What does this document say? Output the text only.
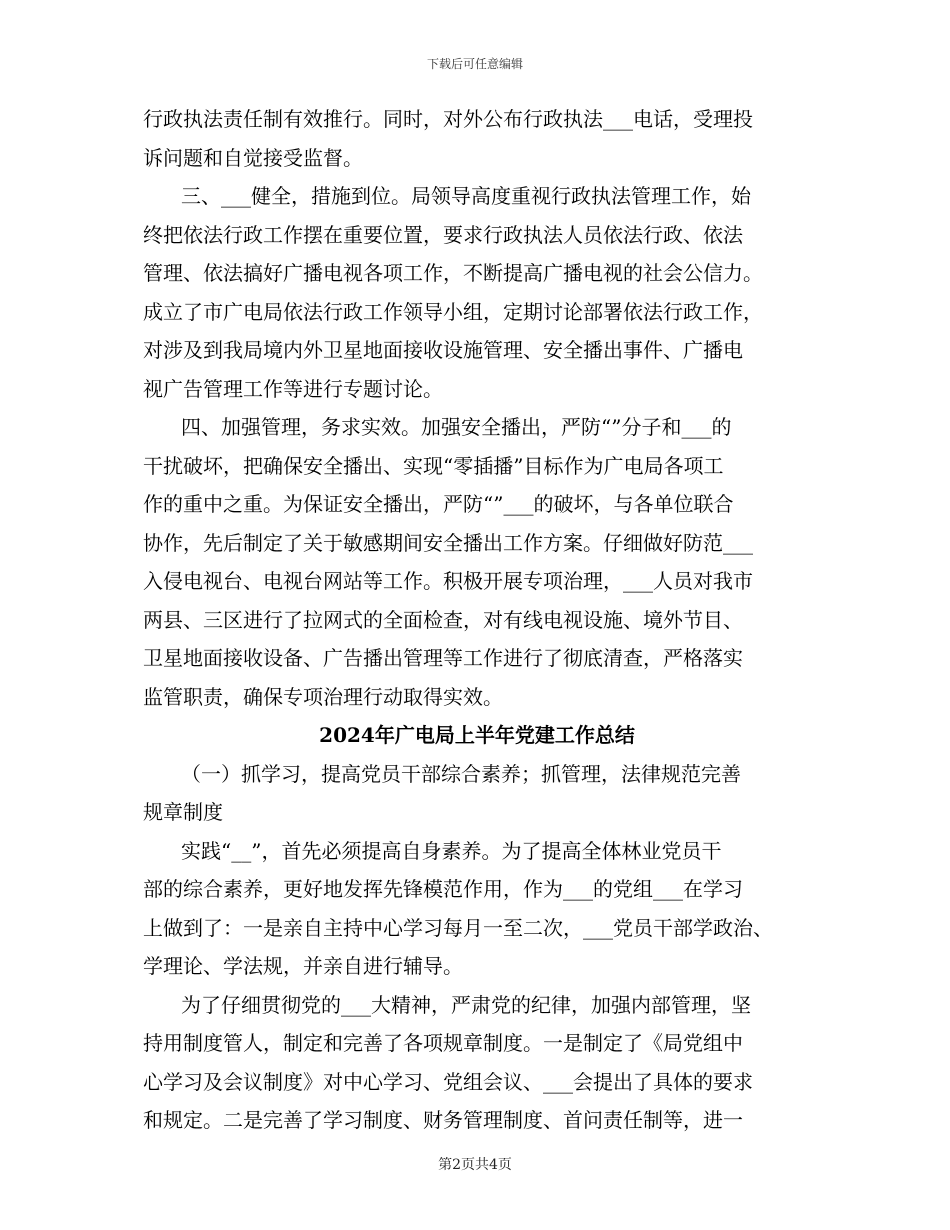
下载后可任意编辑

行政执法责任制有效推行。同时，对外公布行政执法___电话，受理投

诉问题和自觉接受监督。

三、___健全，措施到位。局领导高度重视行政执法管理工作，始

终把依法行政工作摆在重要位置，要求行政执法人员依法行政、依法

管理、依法搞好广播电视各项工作，不断提高广播电视的社会公信力。

成立了市广电局依法行政工作领导小组，定期讨论部署依法行政工作，

对涉及到我局境内外卫星地面接收设施管理、安全播出事件、广播电

视广告管理工作等进行专题讨论。

四、加强管理，务求实效。加强安全播出，严防“”分子和___的

干扰破坏，把确保安全播出、实现“零插播”目标作为广电局各项工

作的重中之重。为保证安全播出，严防“”___的破坏，与各单位联合

协作，先后制定了关于敏感期间安全播出工作方案。仔细做好防范___

入侵电视台、电视台网站等工作。积极开展专项治理，___人员对我市

两县、三区进行了拉网式的全面检查，对有线电视设施、境外节目、

卫星地面接收设备、广告播出管理等工作进行了彻底清查，严格落实

监管职责，确保专项治理行动取得实效。

2024年广电局上半年党建工作总结

（一）抓学习，提高党员干部综合素养；抓管理，法律规范完善

规章制度

实践“__”，首先必须提高自身素养。为了提高全体林业党员干

部的综合素养，更好地发挥先锋模范作用，作为___的党组___在学习

上做到了：一是亲自主持中心学习每月一至二次，___党员干部学政治、

学理论、学法规，并亲自进行辅导。

为了仔细贯彻党的___大精神，严肃党的纪律，加强内部管理，坚

持用制度管人，制定和完善了各项规章制度。一是制定了《局党组中

心学习及会议制度》对中心学习、党组会议、___会提出了具体的要求

和规定。二是完善了学习制度、财务管理制度、首问责任制等，进一

第2页共4页
